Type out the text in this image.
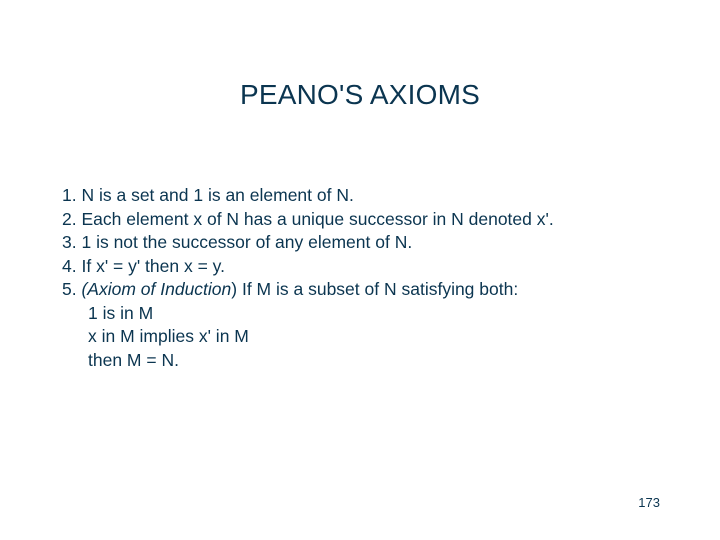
PEANO'S AXIOMS
1. N is a set and 1 is an element of N.
2. Each element x of N has a unique successor in N denoted x'.
3. 1 is not the successor of any element of N.
4. If x' = y' then x = y.
5. (Axiom of Induction) If M is a subset of N satisfying both:
1 is in M
x in M implies x' in M
then M = N.
173
